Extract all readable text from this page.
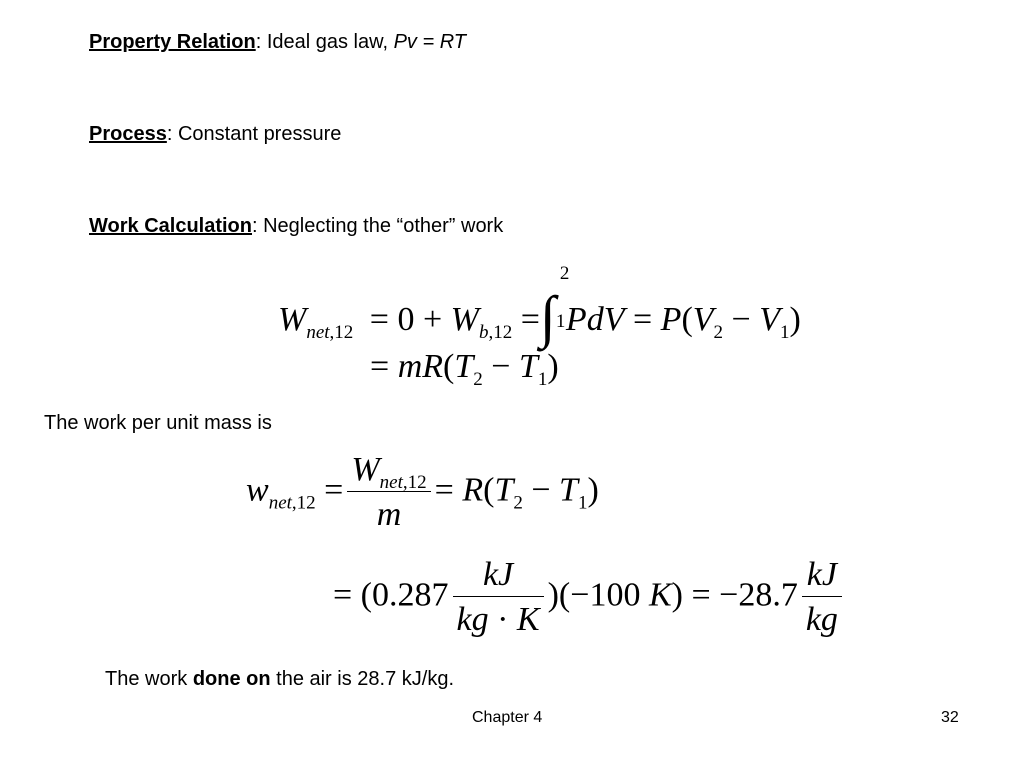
Property Relation: Ideal gas law, Pv = RT
Process: Constant pressure
Work Calculation: Neglecting the “other” work
$W_{net,12} = 0 + W_{b,12}$ =∫
2
1 PdV = $P(V_2 - V_1)$
= $mR(T_2 - T_1)$
The work per unit mass is
$w_{net,12} = \frac{W_{net,12}}{m} = R(T_2 - T_1)$
= $(0.287 \frac{kJ}{kg \cdot K} )(-100$ $K) = -28.7 \frac{kJ}{kg}$
The work done on the air is 28.7 kJ/kg.
Chapter 4	32
